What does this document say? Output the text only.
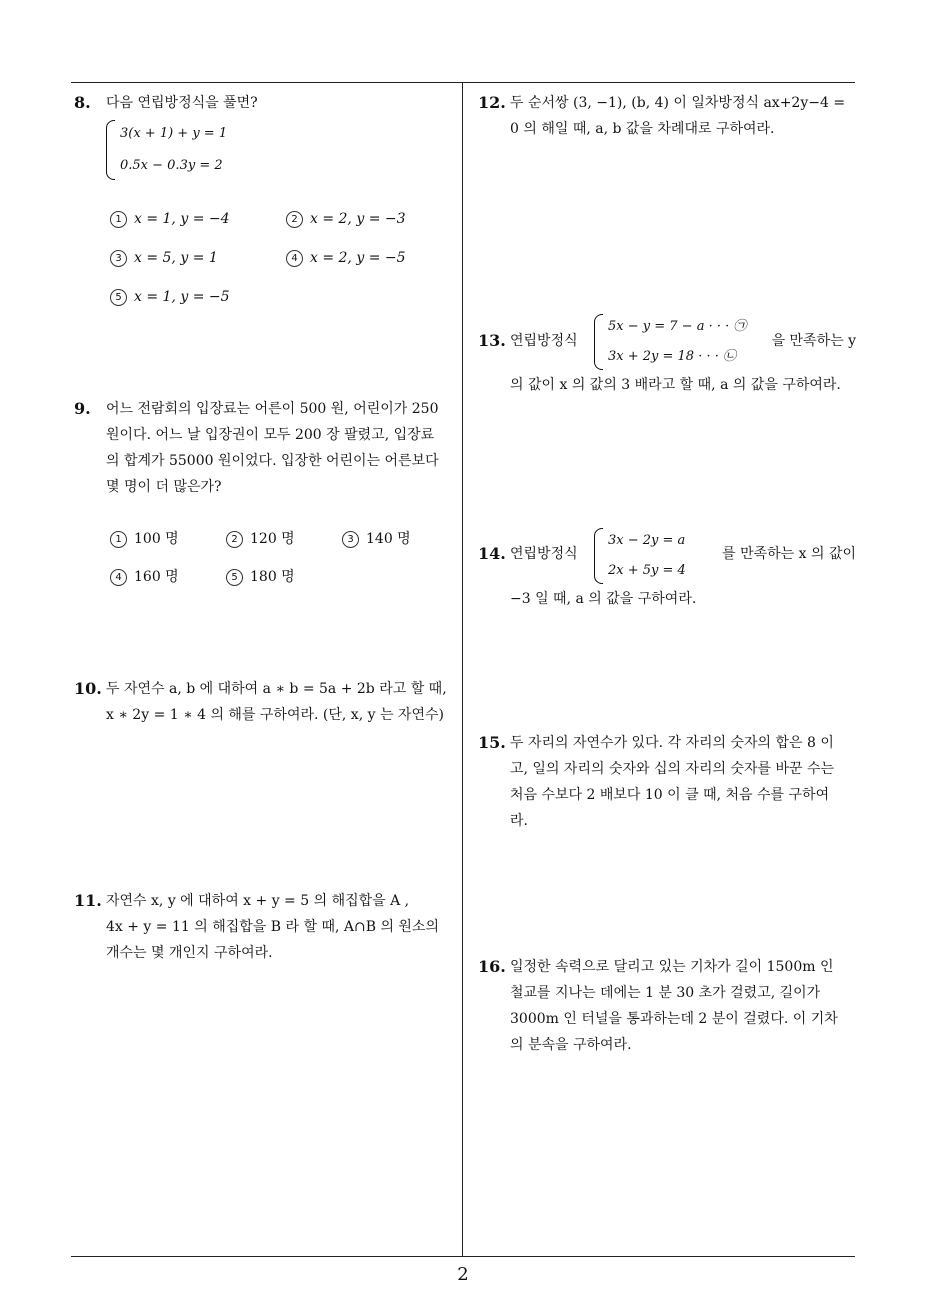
8. 다음 연립방정식을 풀면?
3(x + 1) + y = 1
0.5x − 0.3y = 2
1 x = 1, y = −4	2 x = 2, y = −3
3 x = 5, y = 1	4 x = 2, y = −5
5 x = 1, y = −5
9. 어느 전람회의 입장료는 어른이 500 원, 어린이가 250
원이다. 어느 날 입장권이 모두 200 장 팔렸고, 입장료
의 합계가 55000 원이었다. 입장한 어린이는 어른보다
몇 명이 더 많은가?
1 100 명	2 120 명	3 140 명
4 160 명	5 180 명
10. 두 자연수 a, b 에 대하여 a ∗ b = 5a + 2b 라고 할 때,
x ∗ 2y = 1 ∗ 4 의 해를 구하여라. (단, x, y 는 자연수)
11. 자연수 x, y 에 대하여 x + y = 5 의 해집합을 A ,
4x + y = 11 의 해집합을 B 라 할 때, A∩B 의 원소의
개수는 몇 개인지 구하여라.
12. 두 순서쌍 (3, −1), (b, 4) 이 일차방정식 ax+2y−4 =
0 의 해일 때, a, b 값을 차례대로 구하여라.
13. 연립방정식
5x − y = 7 − a · · · ㉠
3x + 2y = 18 · · · ㉡
을 만족하는 y
의 값이 x 의 값의 3 배라고 할 때, a 의 값을 구하여라.
14. 연립방정식
3x − 2y = a
2x + 5y = 4
를 만족하는 x 의 값이
−3 일 때, a 의 값을 구하여라.
15. 두 자리의 자연수가 있다. 각 자리의 숫자의 합은 8 이
고, 일의 자리의 숫자와 십의 자리의 숫자를 바꾼 수는
처음 수보다 2 배보다 10 이 클 때, 처음 수를 구하여
라.
16. 일정한 속력으로 달리고 있는 기차가 길이 1500m 인
철교를 지나는 데에는 1 분 30 초가 걸렸고, 길이가
3000m 인 터널을 통과하는데 2 분이 걸렸다. 이 기차
의 분속을 구하여라.
2
